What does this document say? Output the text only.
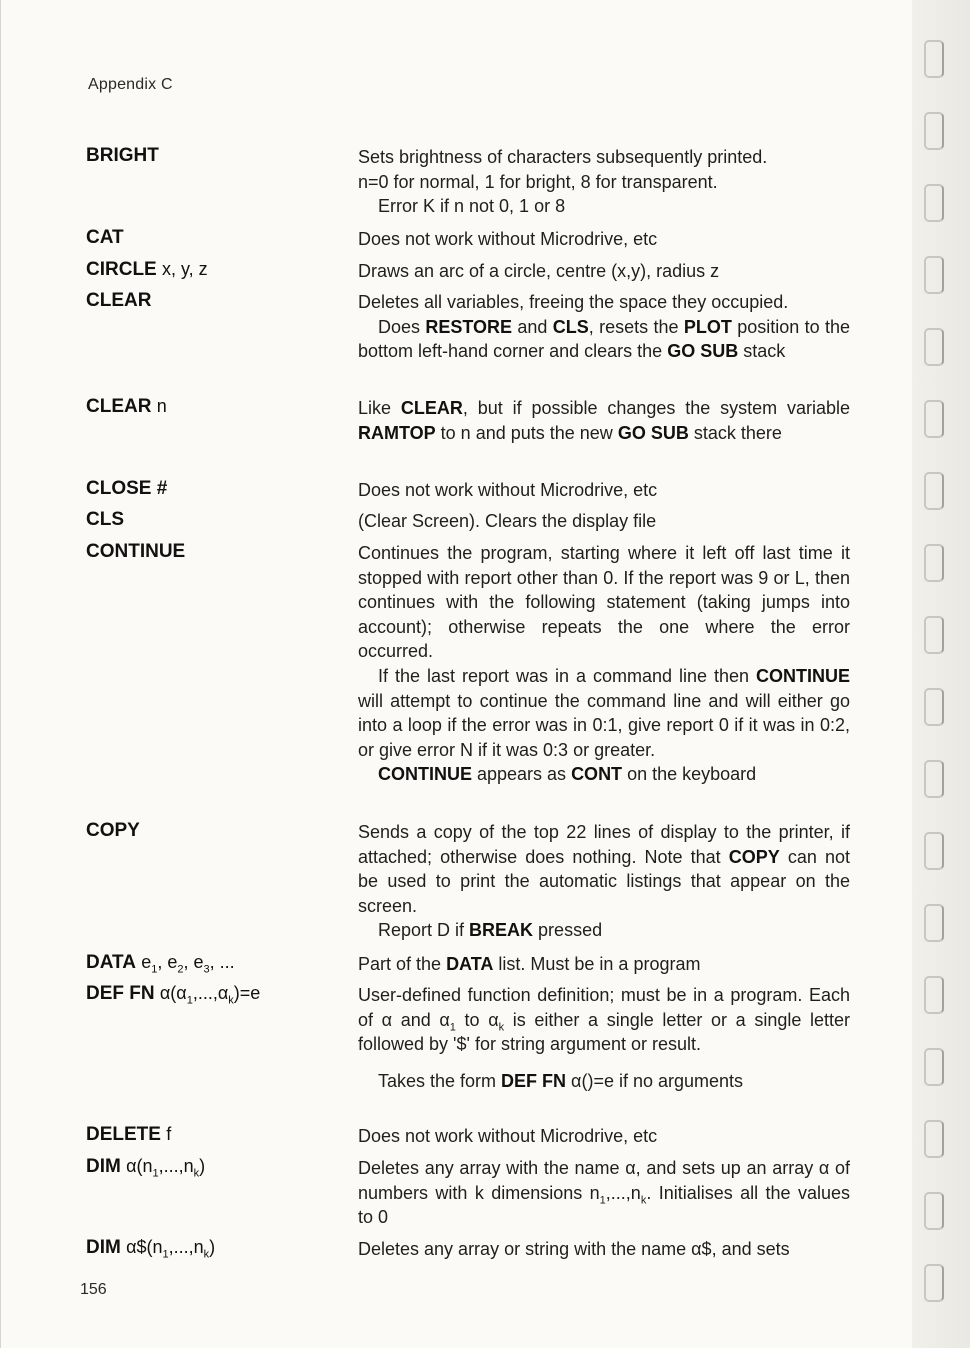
Appendix C
BRIGHT	Sets brightness of characters subsequently printed.

n=0 for normal, 1 for bright, 8 for transparent.

Error K if n not 0, 1 or 8

CAT	Does not work without Microdrive, etc

CIRCLE x, y, z	Draws an arc of a circle, centre (x,y), radius z

CLEAR	Deletes all variables, freeing the space they occupied.

Does RESTORE and CLS, resets the PLOT position to the bottom left-hand corner and clears the GO SUB stack

CLEAR n	Like CLEAR, but if possible changes the system variable RAMTOP to n and puts the new GO SUB stack there

CLOSE #	Does not work without Microdrive, etc

CLS	(Clear Screen). Clears the display file

CONTINUE	Continues the program, starting where it left off last time it stopped with report other than 0. If the report was 9 or L, then continues with the following statement (taking jumps into account); otherwise repeats the one where the error occurred.

If the last report was in a command line then CONTINUE will attempt to continue the command line and will either go into a loop if the error was in 0:1, give report 0 if it was in 0:2, or give error N if it was 0:3 or greater.

CONTINUE appears as CONT on the keyboard

COPY	Sends a copy of the top 22 lines of display to the printer, if attached; otherwise does nothing. Note that COPY can not be used to print the automatic listings that appear on the screen.

Report D if BREAK pressed

DATA $e_1$, $e_2$, $e_3$, ...	Part of the DATA list. Must be in a program

DEF FN $\alpha(\alpha_1,...,\alpha_k)=e$	User-defined function definition; must be in a program. Each of α and $\alpha_1$ to $\alpha_k$ is either a single letter or a single letter followed by '$' for string argument or result.

Takes the form DEF FN α()=e if no arguments

DELETE f	Does not work without Microdrive, etc

DIM $\alpha(n_1,...,n_k)$	Deletes any array with the name α, and sets up an array α of numbers with k dimensions $n_1,...,n_k$. Initialises all the values to 0

DIM $\alpha\$(n_1,...,n_k)$	Deletes any array or string with the name α$, and sets

156
